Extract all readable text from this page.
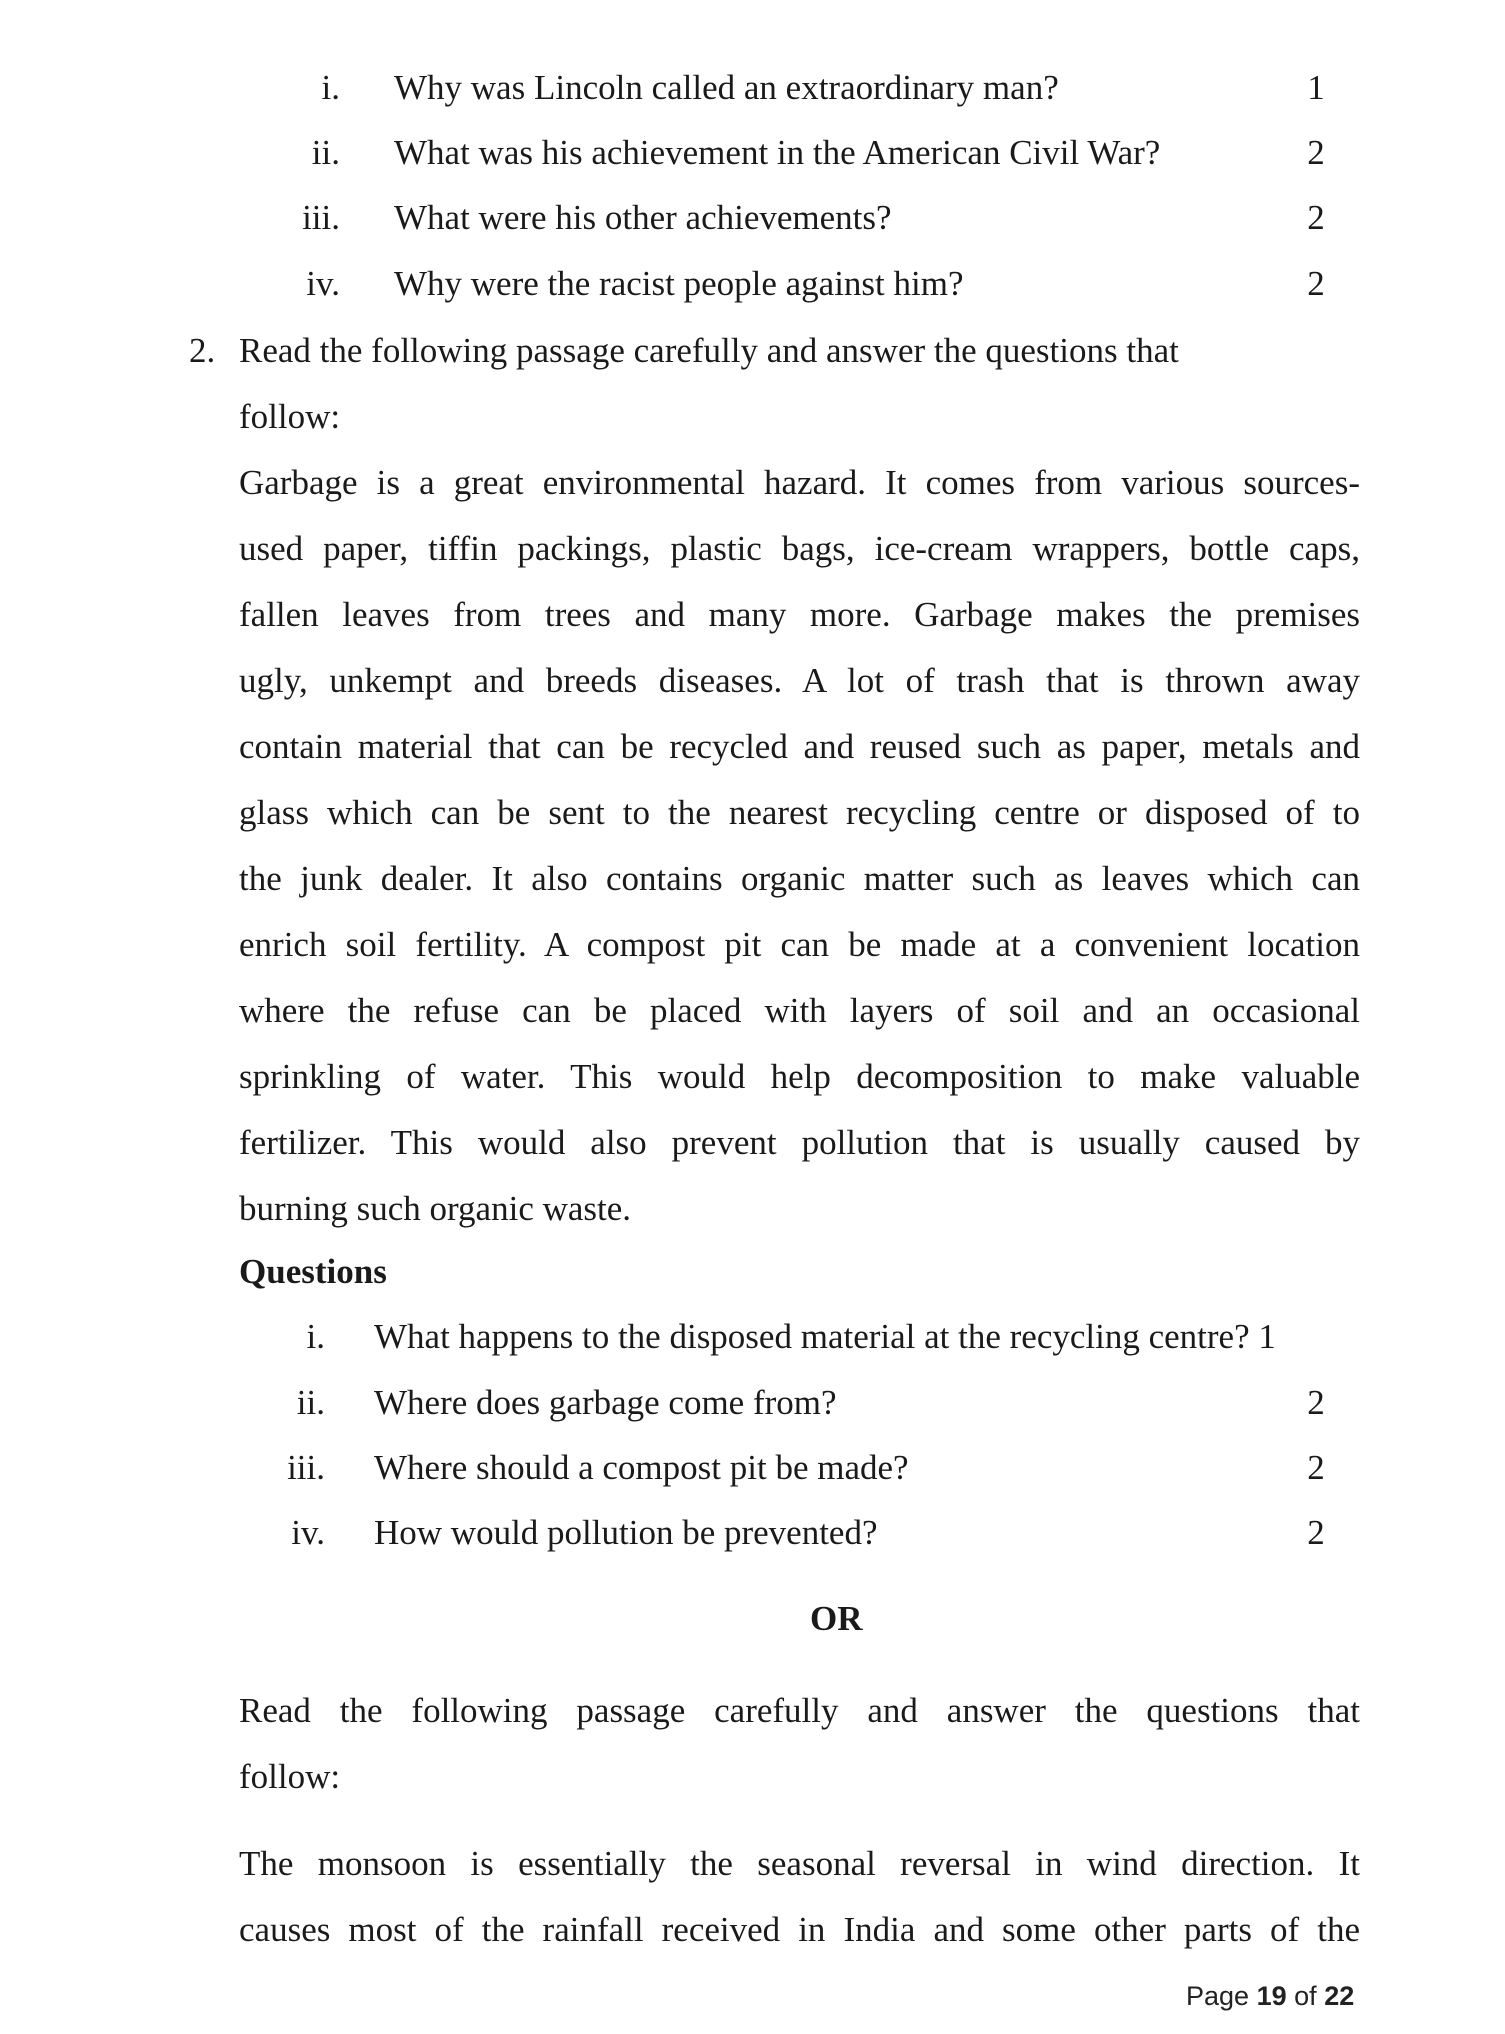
i. Why was Lincoln called an extraordinary man?	1
ii. What was his achievement in the American Civil War?	2
iii. What were his other achievements?	2
iv. Why were the racist people against him?	2
2. Read the following passage carefully and answer the questions that
follow:
Garbage is a great environmental hazard. It comes from various sources-
used paper, tiffin packings, plastic bags, ice-cream wrappers, bottle caps,
fallen leaves from trees and many more. Garbage makes the premises
ugly, unkempt and breeds diseases. A lot of trash that is thrown away
contain material that can be recycled and reused such as paper, metals and
glass which can be sent to the nearest recycling centre or disposed of to
the junk dealer. It also contains organic matter such as leaves which can
enrich soil fertility. A compost pit can be made at a convenient location
where the refuse can be placed with layers of soil and an occasional
sprinkling of water. This would help decomposition to make valuable
fertilizer. This would also prevent pollution that is usually caused by
burning such organic waste.
Questions
i. What happens to the disposed material at the recycling centre? 1
ii. Where does garbage come from?	2
iii. Where should a compost pit be made?	2
iv. How would pollution be prevented?	2
OR
Read the following passage carefully and answer the questions that
follow:
The monsoon is essentially the seasonal reversal in wind direction. It
causes most of the rainfall received in India and some other parts of the
Page 19 of 22
